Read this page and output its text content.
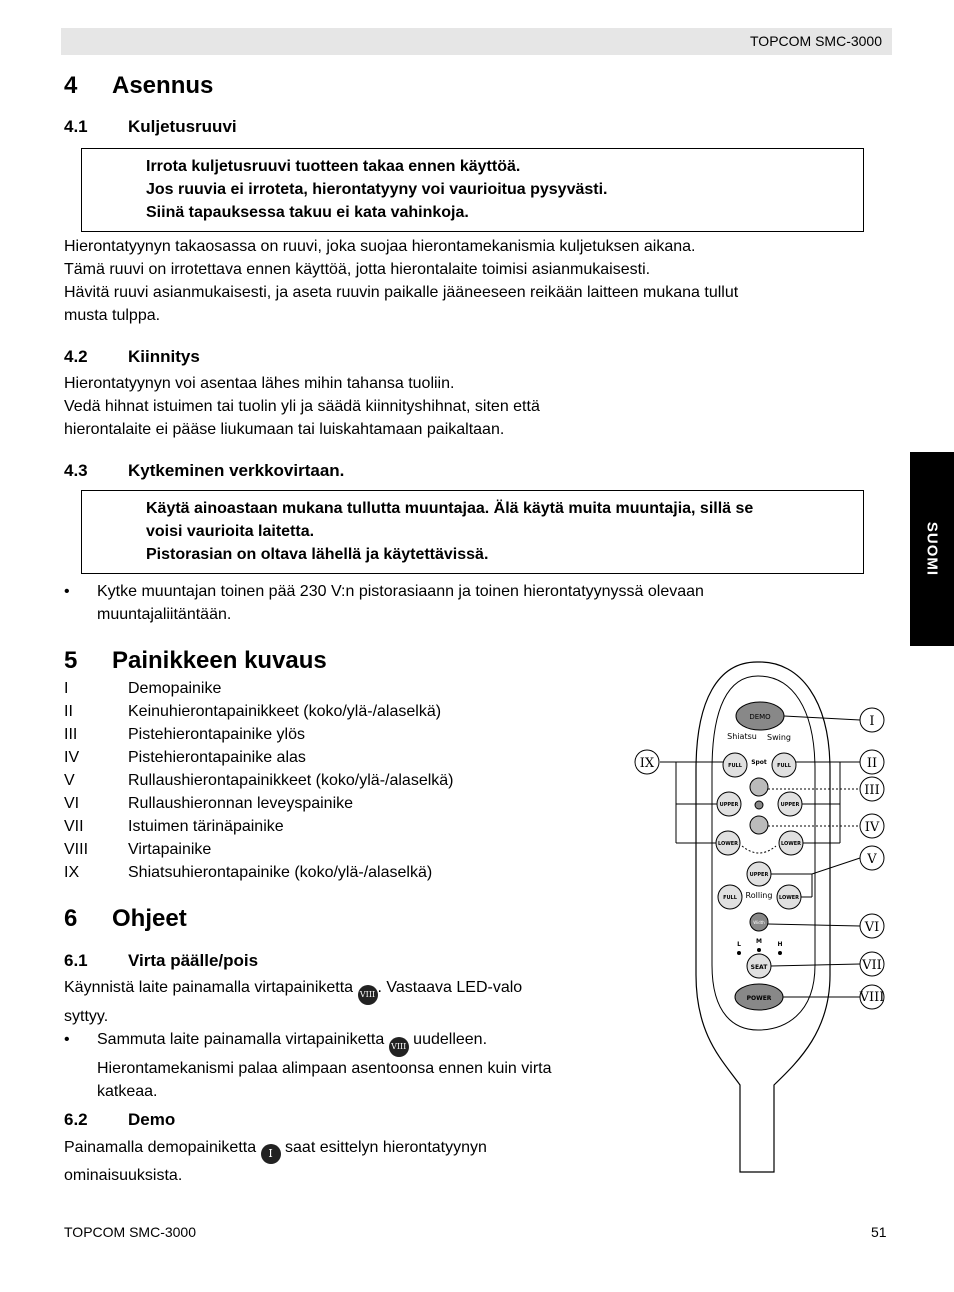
TOPCOM SMC-3000
SUOMI
4 Asennus
4.1 Kuljetusruuvi
Irrota kuljetusruuvi tuotteen takaa ennen käyttöä.
Jos ruuvia ei irroteta, hierontatyyny voi vaurioitua pysyvästi.
Siinä tapauksessa takuu ei kata vahinkoja.
Hierontatyynyn takaosassa on ruuvi, joka suojaa hierontamekanismia kuljetuksen aikana.
Tämä ruuvi on irrotettava ennen käyttöä, jotta hierontalaite toimisi asianmukaisesti.
Hävitä ruuvi asianmukaisesti, ja aseta ruuvin paikalle jääneeseen reikään laitteen mukana tullut
musta tulppa.
4.2 Kiinnitys
Hierontatyynyn voi asentaa lähes mihin tahansa tuoliin.
Vedä hihnat istuimen tai tuolin yli ja säädä kiinnityshihnat, siten että
hierontalaite ei pääse liukumaan tai luiskahtamaan paikaltaan.
4.3 Kytkeminen verkkovirtaan.
Käytä ainoastaan mukana tullutta muuntajaa. Älä käytä muita muuntajia, sillä se
voisi vaurioita laitetta.
Pistorasian on oltava lähellä ja käytettävissä.
• Kytke muuntajan toinen pää 230 V:n pistorasiaann ja toinen hierontatyynyssä olevaan
muuntajaliitäntään.
5 Painikkeen kuvaus
I	Demopainike
II	Keinuhierontapainikkeet (koko/ylä-/alaselkä)
III	Pistehierontapainike ylös
IV	Pistehierontapainike alas
V	Rullaushierontapainikkeet (koko/ylä-/alaselkä)
VI	Rullaushieronnan leveyspainike
VII	Istuimen tärinäpainike
VIII Virtapainike
IX	Shiatsuhierontapainike (koko/ylä-/alaselkä)
6 Ohjeet
6.1 Virta päälle/pois
Käynnistä laite painamalla virtapainiketta VIII . Vastaava LED-valo
syttyy.
• Sammuta laite painamalla virtapainiketta VIII uudelleen.
Hierontamekanismi palaa alimpaan asentoonsa ennen kuin virta
katkeaa.
6.2 Demo
Painamalla demopainiketta I saat esittelyn hierontatyynyn
ominaisuuksista.
DEMO
Shiatsu Swing
FULL Spot FULL
UPPER	UPPER
LOWER	LOWER
UPPER
FULL Rolling LOWER
Width
L	M	H
SEAT
POWER
IX
I
II
III
IV
V
VI
VII
VIII
TOPCOM SMC-3000	51
